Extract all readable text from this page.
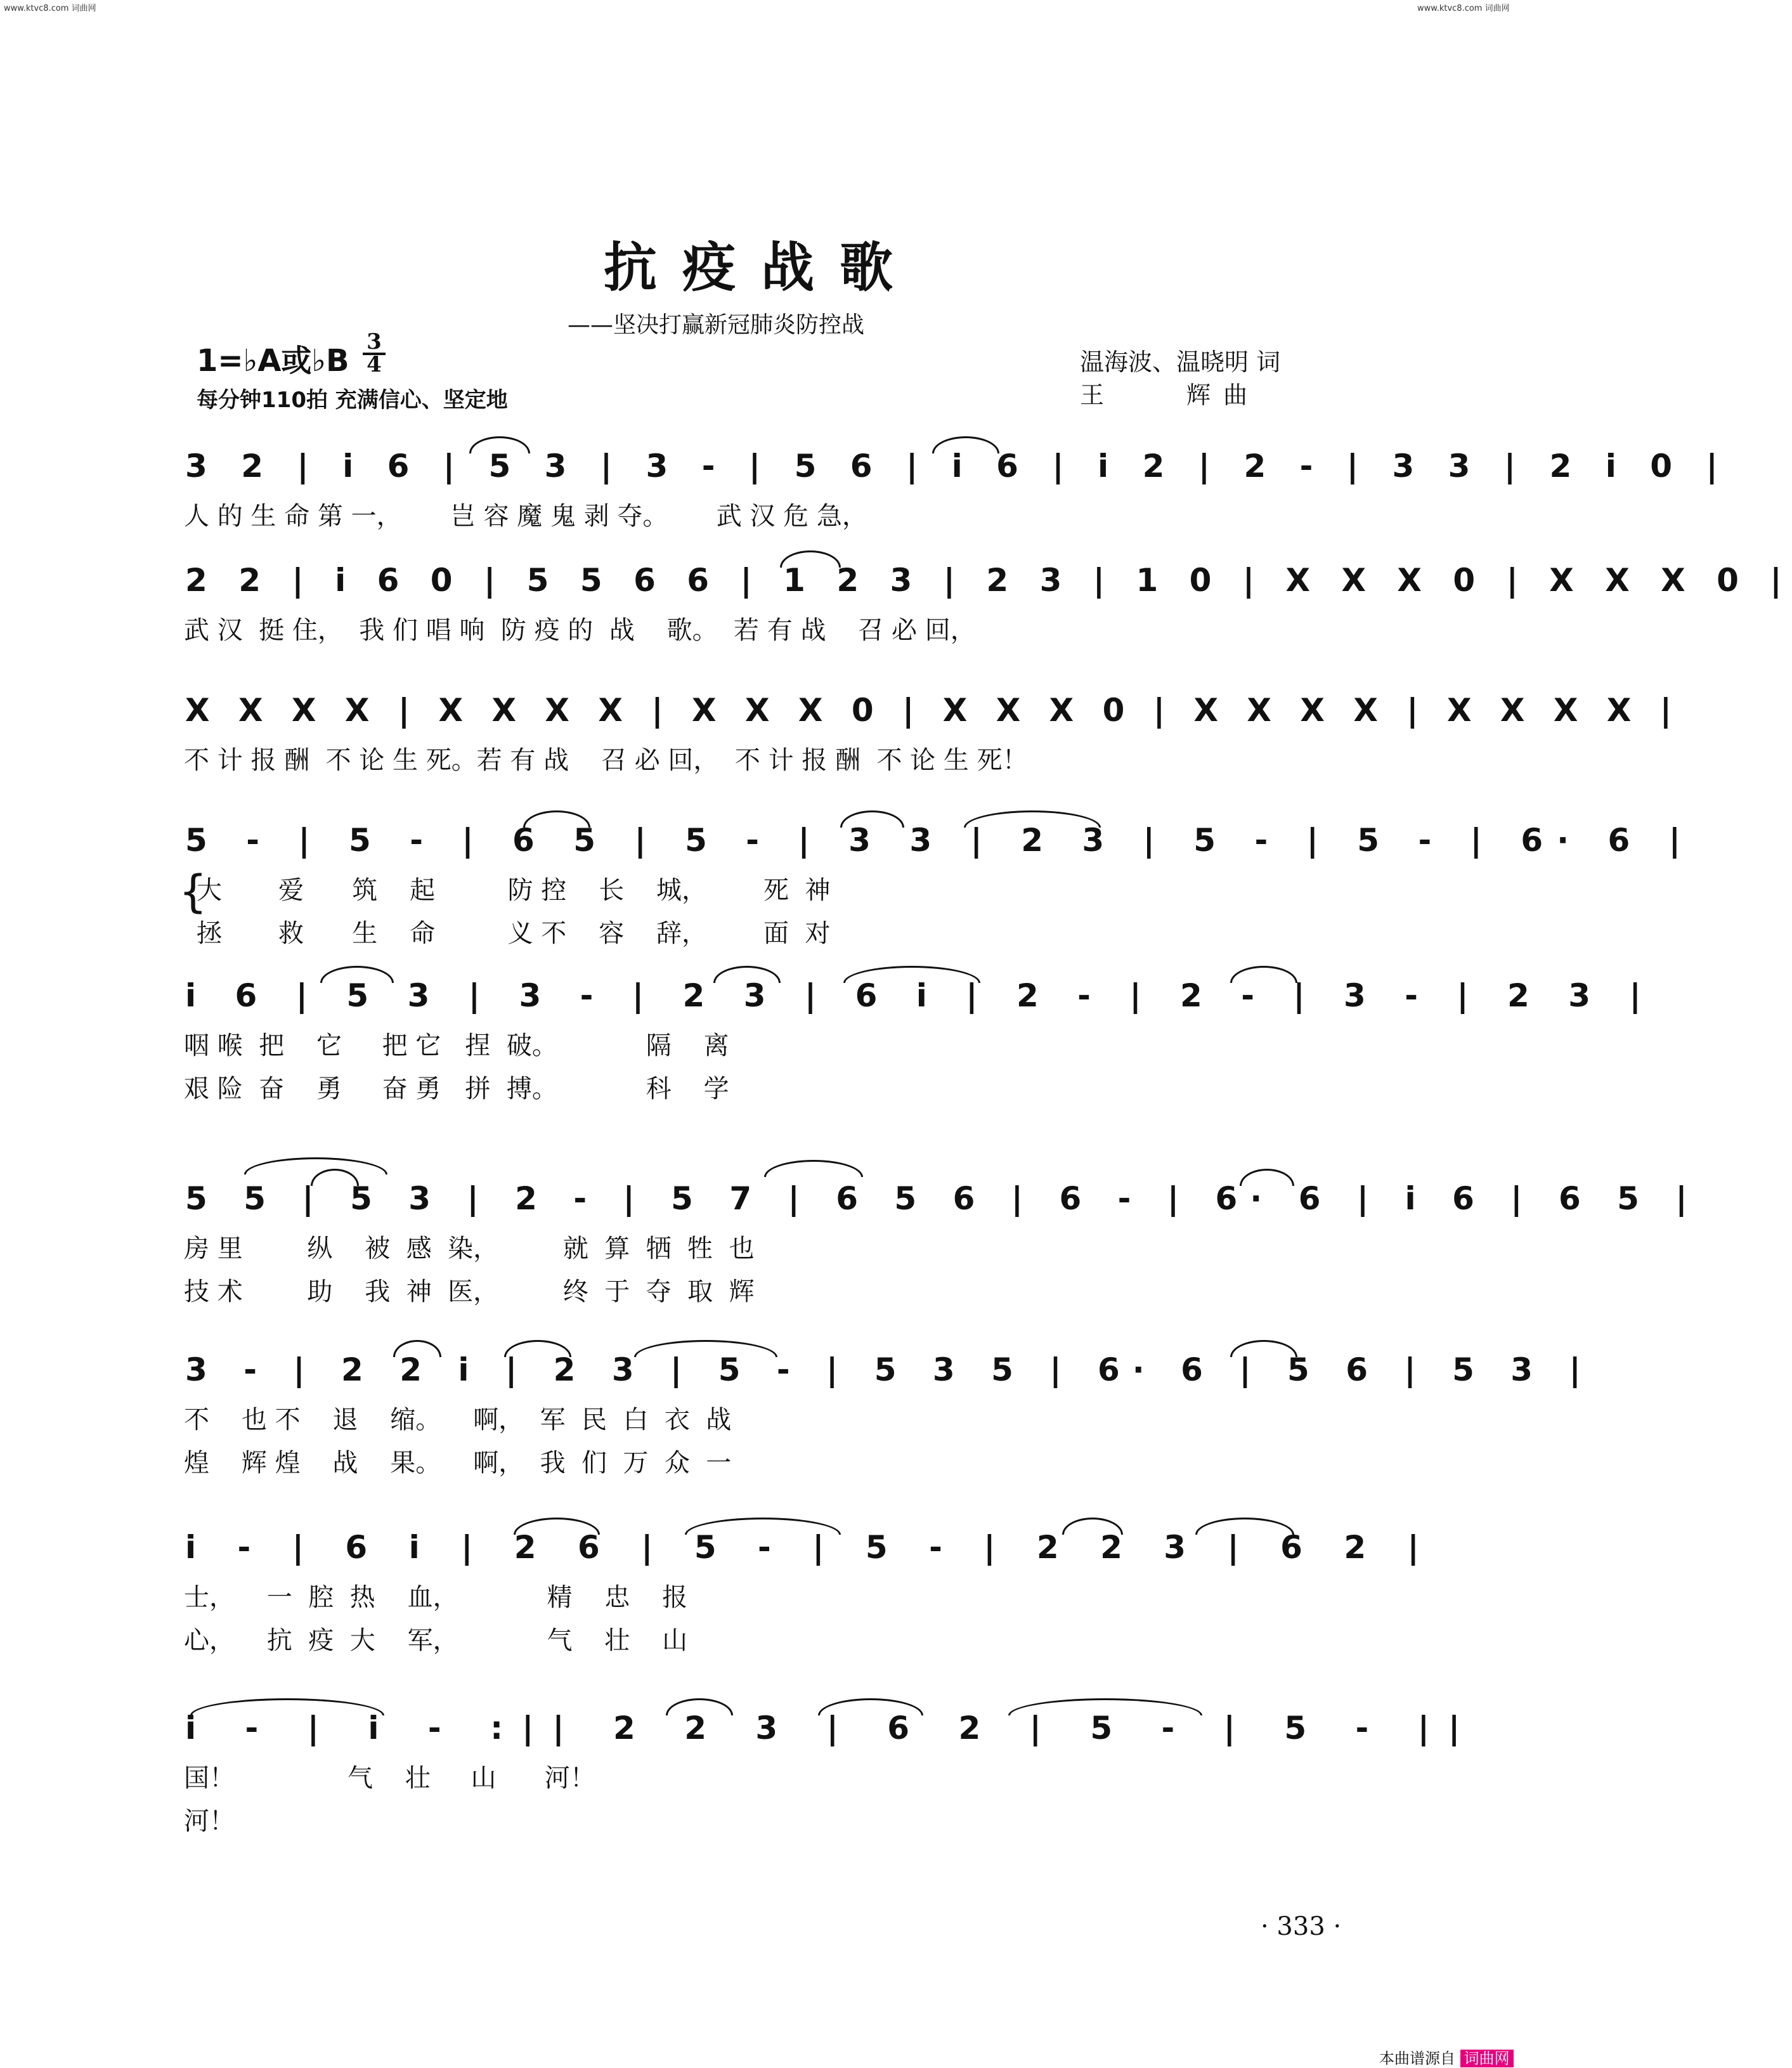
www.ktvc8.com 词曲网	www.ktvc8.com 词曲网
抗疫战歌
——坚决打赢新冠肺炎防控战
1=♭A或♭B
3
4
每分钟110拍 充满信心、坚定地
温海波、温晓明 词
王　　　辉 曲
3 2 | i 6 | 5 3 | 3 - | 5 6 | i 6 | i 2 | 2 - | 3 3 | 2 i 0 |
人 的 生 命 第 一，      岂 容 魔 鬼 剥 夺。      武 汉 危 急，
2 2 | i 6 0 | 5 5 6 6 | 1 2 3 | 2 3 | 1 0 | X X X 0 | X X X 0 |
武 汉  挺 住，  我 们 唱 响  防 疫 的  战    歌。  若 有 战    召 必 回，
X X X X | X X X X | X X X 0 | X X X 0 | X X X X | X X X X |
不 计 报 酬  不 论 生 死。若 有 战    召 必 回，  不 计 报 酬  不 论 生 死！
5 - | 5 - | 6 5 | 5 - | 3 3 | 2 3 | 5 - | 5 - | 6· 6 |
{
大       爱      筑    起         防 控    长    城，       死  神
拯       救      生    命         义 不    容    辞，       面  对
i 6 | 5 3 | 3 - | 2 3 | 6 i | 2 - | 2 - | 3 - | 2 3 |
咽 喉  把    它     把 它   捏  破。           隔    离
艰 险  奋    勇     奋 勇   拼  搏。           科    学
5 5 | 5 3 | 2 - | 5 7 | 6 5 6 | 6 - | 6· 6 | i 6 | 6 5 |
房 里        纵    被  感  染，        就  算  牺  牲  也
技 术        助    我  神  医，        终  于  夺  取  辉
3 - | 2 2 i | 2 3 | 5 - | 5 3 5 | 6· 6 | 5 6 | 5 3 |
不    也 不    退    缩。    啊，  军  民  白  衣  战
煌    辉 煌    战    果。    啊，  我  们  万  众  一
i - | 6 i | 2 6 | 5 - | 5 - | 2 2 3 | 6 2 |
士，    一  腔  热    血，           精    忠    报
心，    抗  疫  大    军，           气    壮    山
i - | i - :|| 2 2 3 | 6 2 | 5 - | 5 - ||
国！              气    壮     山      河！
河！
· 333 ·
本曲谱源自 词曲网
